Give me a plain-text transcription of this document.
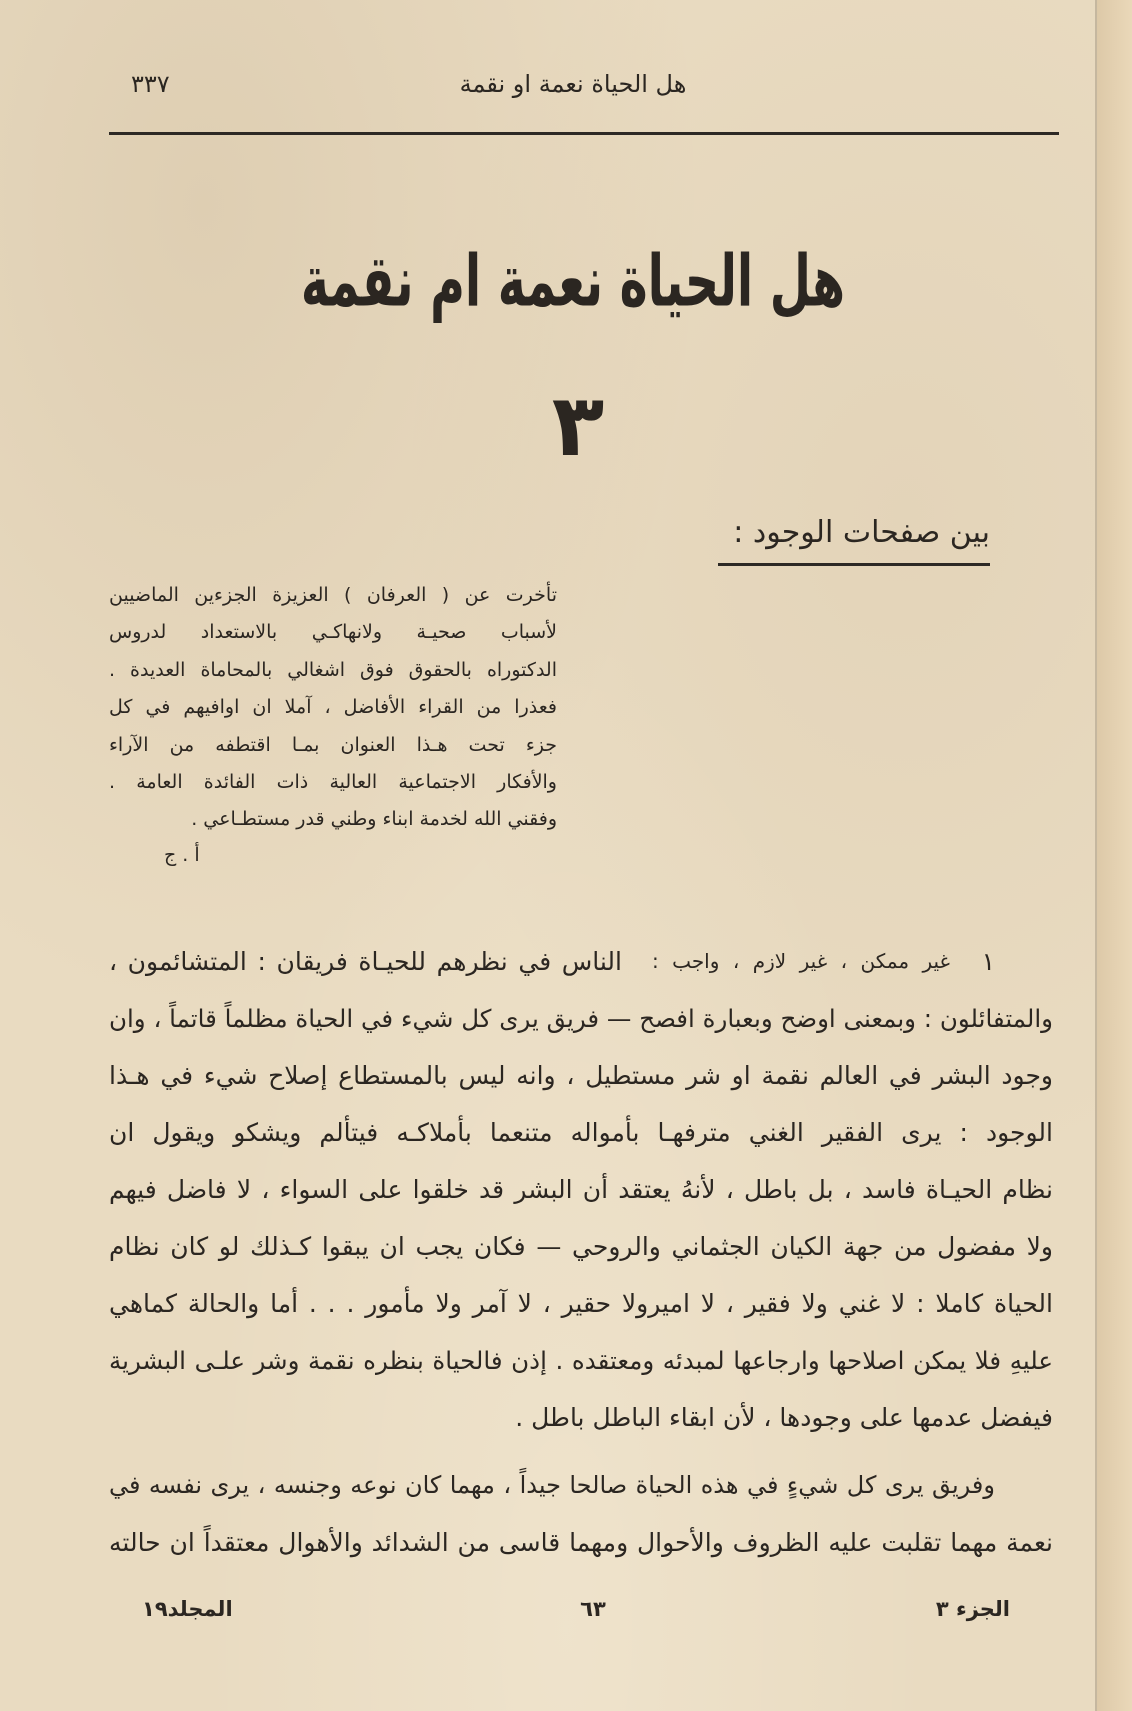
هل الحياة نعمة او نقمة
٣٣٧
هل الحياة نعمة ام نقمة
٣
بين صفحات الوجود :
تأخرت عن ( العرفان ) العزيزة الجزءين الماضيين
لأسباب صحيـة ولانهاكـي بالاستعداد لدروس
الدكتوراه بالحقوق فوق اشغالي بالمحاماة العديدة .
فعذرا من القراء الأفاضل ، آملا ان اوافيهم في كل
جزء تحت هـذا العنوان بمـا اقتطفه من الآراء
والأفكار الاجتماعية العالية ذات الفائدة العامة .
وفقني الله لخدمة ابناء وطني قدر مستطـاعي .
أ . ج
١
غير ممكن ، غير لازم ، واجب :
الناس في نظرهم للحيـاة فريقان : المتشائمون ،
والمتفائلون : وبمعنى اوضح وبعبارة افصح — فريق يرى كل شيء في الحياة مظلماً قاتماً ، وان
وجود البشر في العالم نقمة او شر مستطيل ، وانه ليس بالمستطاع إصلاح شيء في هـذا
الوجود : يرى الفقير الغني مترفهـا بأمواله متنعما بأملاكـه فيتألم ويشكو ويقول ان
نظام الحيـاة فاسد ، بل باطل ، لأنهُ يعتقد أن البشر قد خلقوا على السواء ، لا فاضل فيهم
ولا مفضول من جهة الكيان الجثماني والروحي — فكان يجب ان يبقوا كـذلك لو كان نظام
الحياة كاملا : لا غني ولا فقير ، لا اميرولا حقير ، لا آمر ولا مأمور . . . أما والحالة كماهي
عليهِ فلا يمكن اصلاحها وارجاعها لمبدئه ومعتقده . إذن فالحياة بنظره نقمة وشر علـى البشرية
فيفضل عدمها على وجودها ، لأن ابقاء الباطل باطل .
وفريق يرى كل شيءٍ في هذه الحياة صالحا جيداً ، مهما كان نوعه وجنسه ، يرى نفسه في
نعمة مهما تقلبت عليه الظروف والأحوال ومهما قاسى من الشدائد والأهوال معتقداً ان حالته
الجزء ٣
٦٣
المجلد١٩
